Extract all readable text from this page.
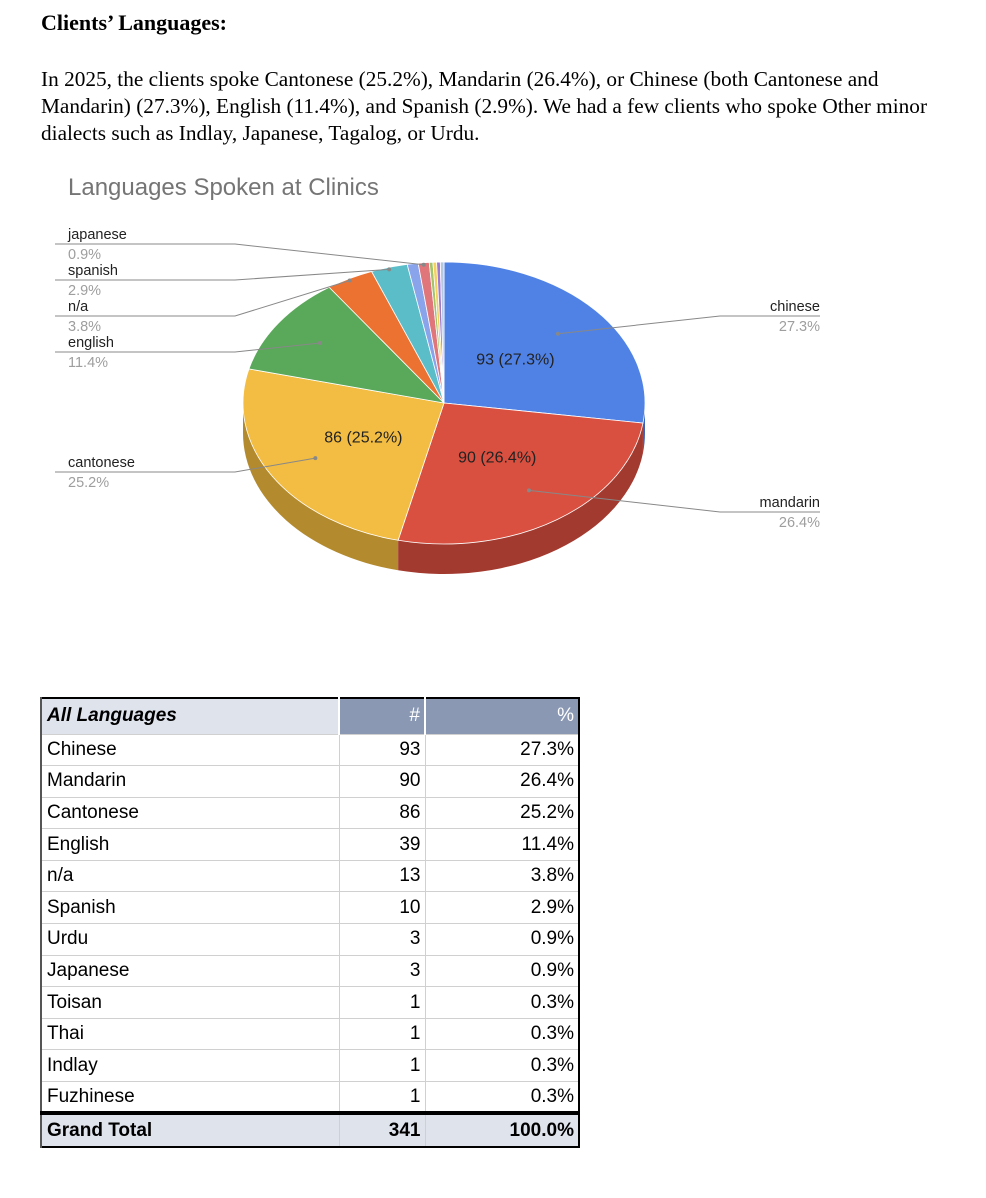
Clients’ Languages:
In 2025, the clients spoke Cantonese (25.2%), Mandarin (26.4%), or Chinese (both Cantonese and Mandarin) (27.3%), English (11.4%), and Spanish (2.9%). We had a few clients who spoke Other minor dialects such as Indlay, Japanese, Tagalog, or Urdu.
Languages Spoken at Clinics
chinese
27.3%
mandarin
26.4%
cantonese
25.2%
english
11.4%
n/a
3.8%
spanish
2.9%
japanese
0.9%
93 (27.3%)
90 (26.4%)
86 (25.2%)
All Languages	#	%
Chinese	93	27.3%
Mandarin	90	26.4%
Cantonese	86	25.2%
English	39	11.4%
n/a	13	3.8%
Spanish	10	2.9%
Urdu	3	0.9%
Japanese	3	0.9%
Toisan	1	0.3%
Thai	1	0.3%
Indlay	1	0.3%
Fuzhinese	1	0.3%
Grand Total	341	100.0%
